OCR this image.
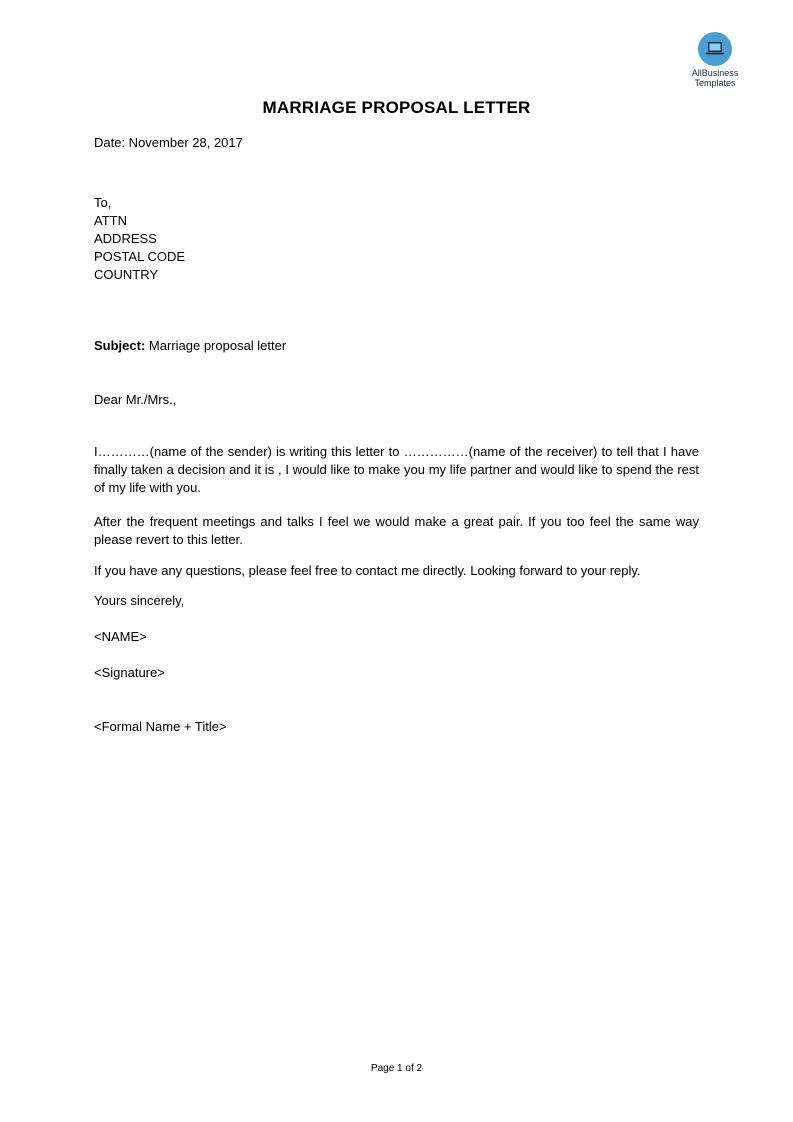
AllBusiness
Templates
MARRIAGE PROPOSAL LETTER
Date: November 28, 2017
To,
ATTN
ADDRESS
POSTAL CODE
COUNTRY
Subject: Marriage proposal letter
Dear Mr./Mrs.,
I…………(name of the sender) is writing this letter to ……………(name of the receiver) to tell that I have finally taken a decision and it is , I would like to make you my life partner and would like to spend the rest of my life with you.
After the frequent meetings and talks I feel we would make a great pair. If you too feel the same way please revert to this letter.
If you have any questions, please feel free to contact me directly. Looking forward to your reply.
Yours sincerely,
<NAME>
<Signature>
<Formal Name + Title>
Page 1 of 2
